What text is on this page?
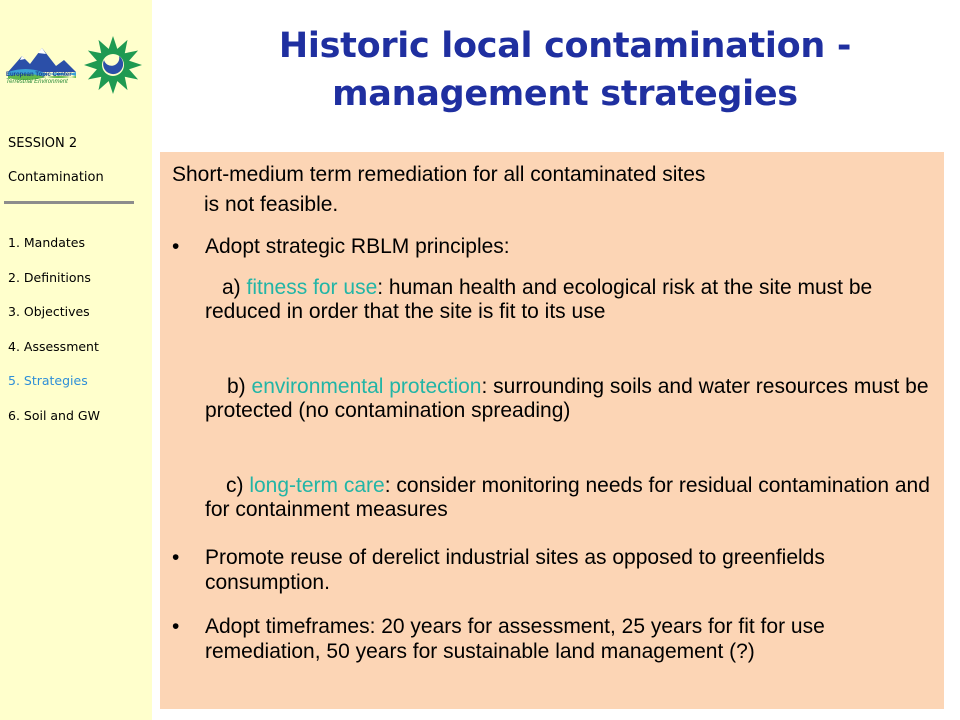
European Topic Center
Terrestrial Environment
SESSION 2
Contamination
1. Mandates
2. Definitions
3. Objectives
4. Assessment
5. Strategies
6. Soil and GW
Historic local contamination -
management strategies
Short-medium term remediation for all contaminated sites
is not feasible.
•	Adopt strategic RBLM principles:
a) fitness for use: human health and ecological risk at the site must be reduced in order that the site is fit to its use
b) environmental protection: surrounding soils and water resources must be protected (no contamination spreading)
c) long-term care: consider monitoring needs for residual contamination and for containment measures
•	Promote reuse of derelict industrial sites as opposed to greenfields consumption.
•	Adopt timeframes: 20 years for assessment, 25 years for fit for use remediation, 50 years for sustainable land management (?)
